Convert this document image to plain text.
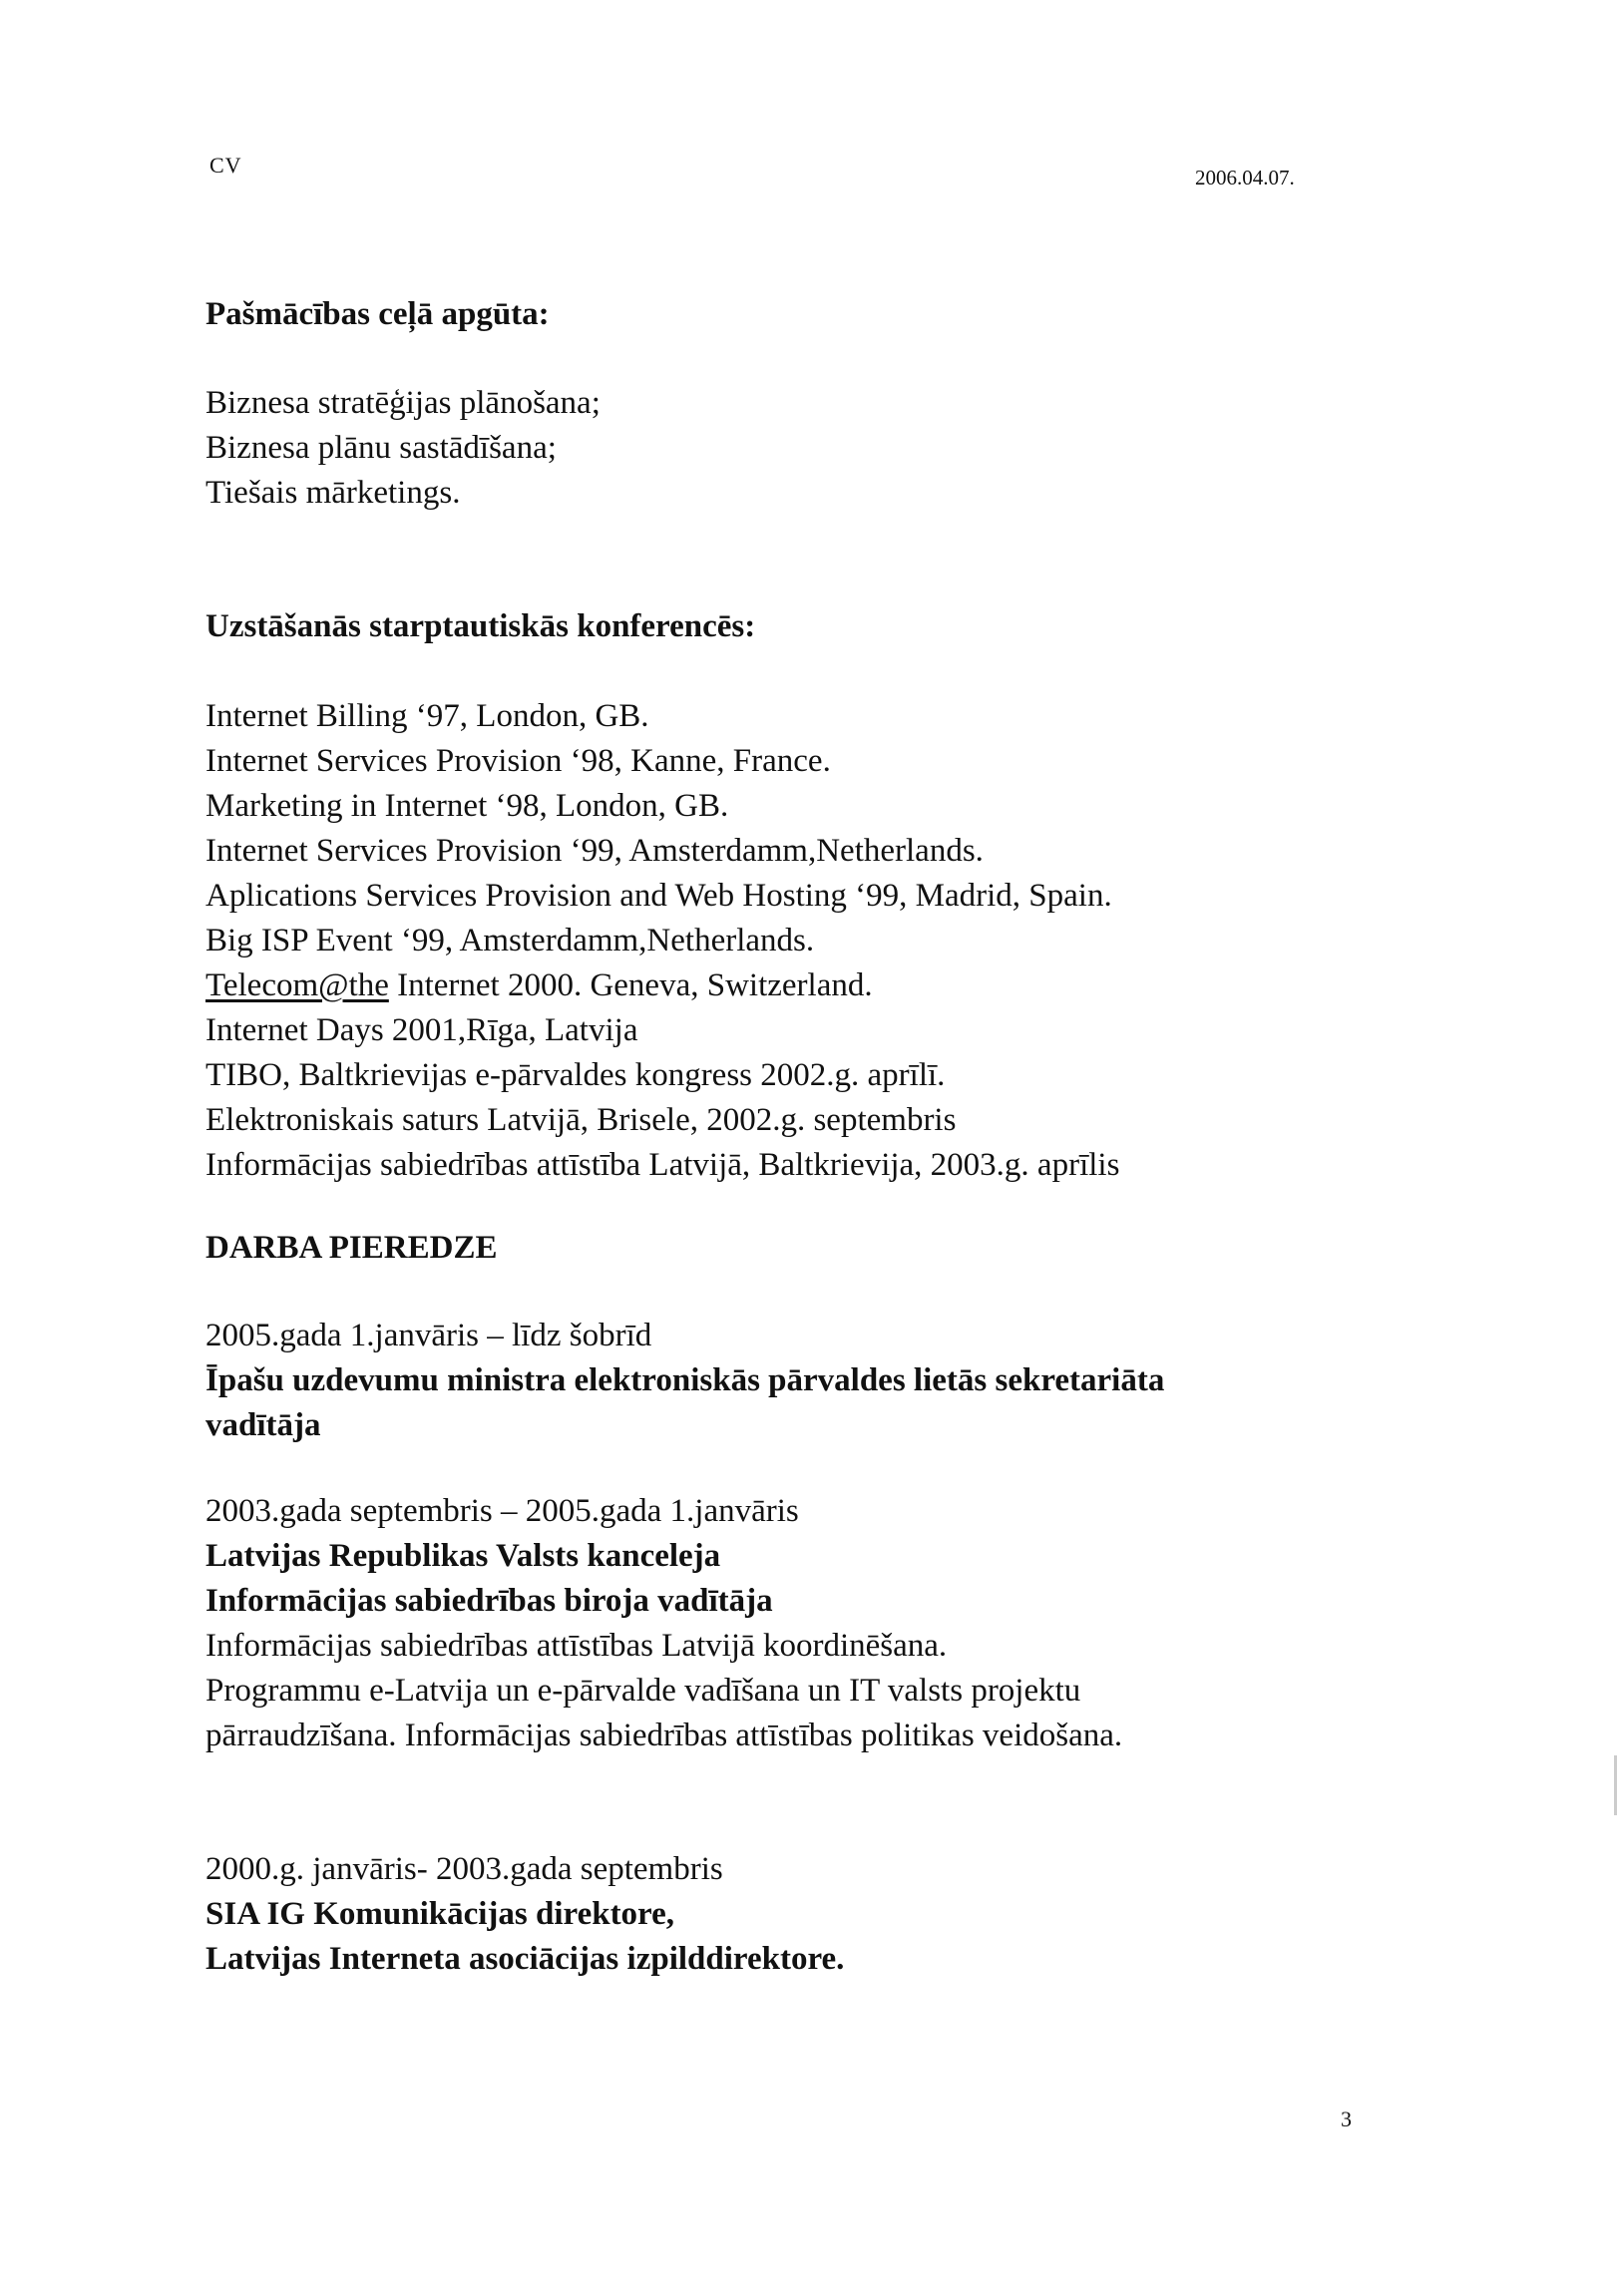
CV	2006.04.07.
Pašmācības ceļā apgūta:
Biznesa stratēģijas plānošana;
Biznesa plānu sastādīšana;
Tiešais mārketings.
Uzstāšanās starptautiskās konferencēs:
Internet Billing ‘97, London, GB.
Internet Services Provision ‘98, Kanne, France.
Marketing in Internet ‘98, London, GB.
Internet Services Provision ‘99, Amsterdamm,Netherlands.
Aplications Services Provision and Web Hosting ‘99, Madrid, Spain.
Big ISP Event ‘99, Amsterdamm,Netherlands.
Telecom@the Internet 2000. Geneva, Switzerland.
Internet Days 2001,Rīga, Latvija
TIBO, Baltkrievijas e-pārvaldes kongress 2002.g. aprīlī.
Elektroniskais saturs Latvijā, Brisele, 2002.g. septembris
Informācijas sabiedrības attīstība Latvijā, Baltkrievija, 2003.g. aprīlis
DARBA PIEREDZE
2005.gada 1.janvāris – līdz šobrīd
Īpašu uzdevumu ministra elektroniskās pārvaldes lietās sekretariāta
vadītāja
2003.gada septembris – 2005.gada 1.janvāris
Latvijas Republikas Valsts kanceleja
Informācijas sabiedrības biroja vadītāja
Informācijas sabiedrības attīstības Latvijā koordinēšana.
Programmu e-Latvija un e-pārvalde vadīšana un IT valsts projektu
pārraudzīšana. Informācijas sabiedrības attīstības politikas veidošana.
2000.g. janvāris- 2003.gada septembris
SIA IG Komunikācijas direktore,
Latvijas Interneta asociācijas izpilddirektore.
3
